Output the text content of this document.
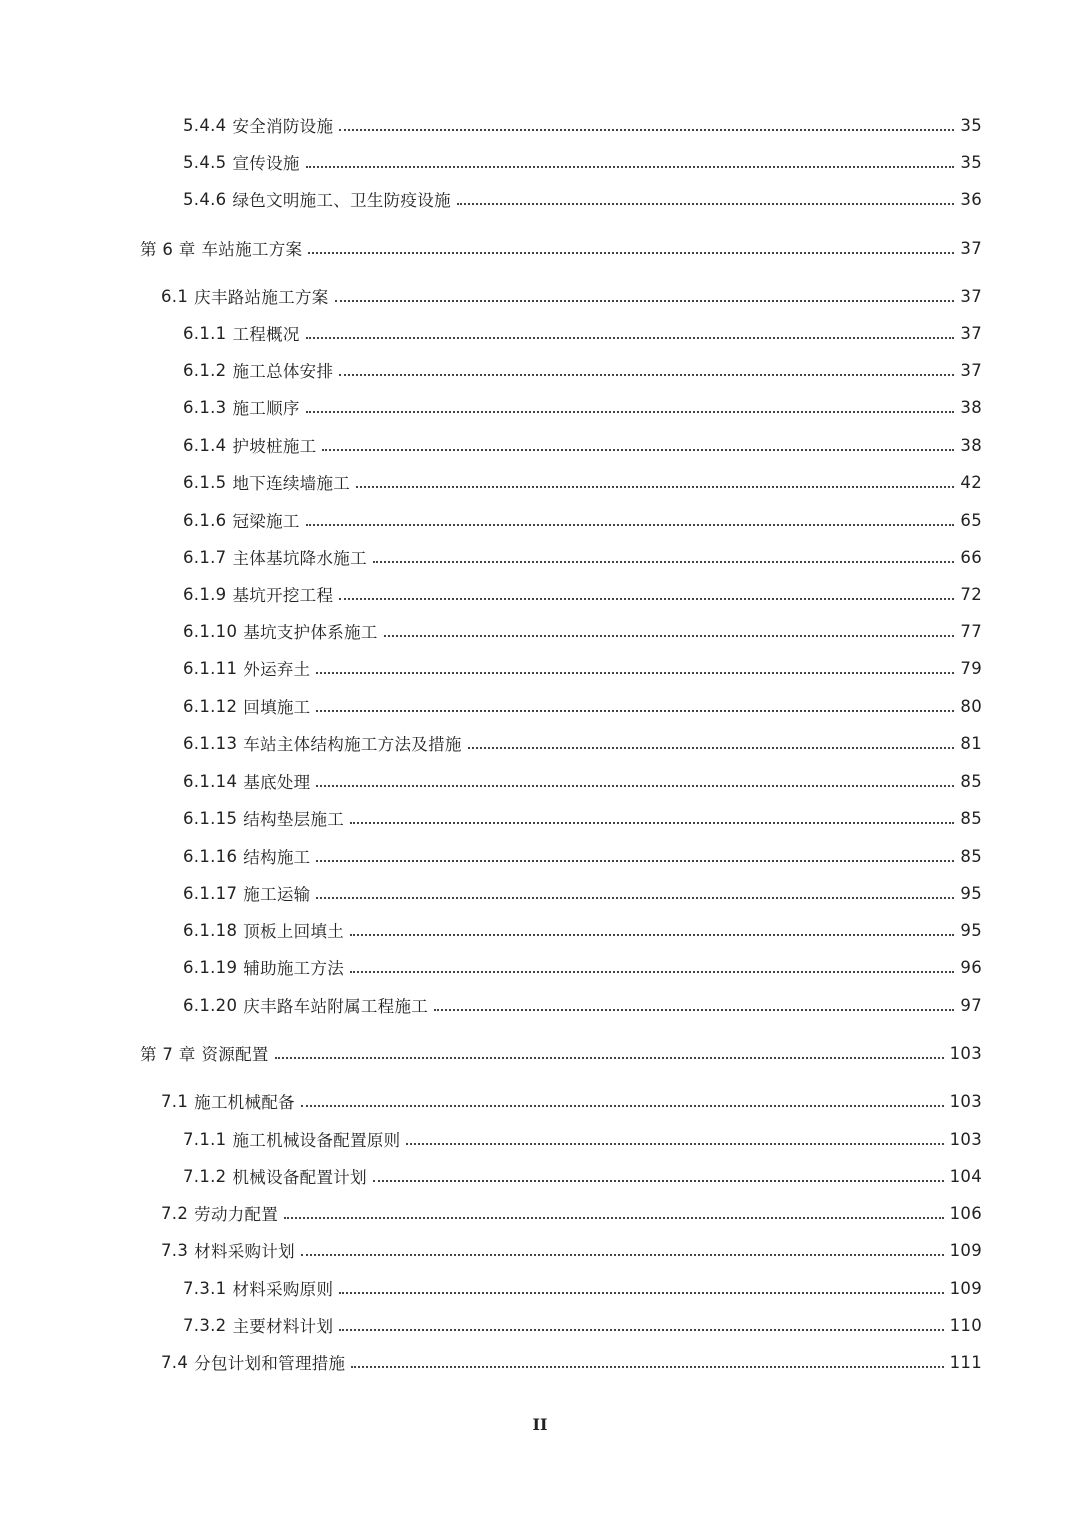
5.4.4 安全消防设施	35
5.4.5 宣传设施	35
5.4.6 绿色文明施工、卫生防疫设施	36
第 6 章 车站施工方案	37
6.1 庆丰路站施工方案	37
6.1.1 工程概况	37
6.1.2 施工总体安排	37
6.1.3 施工顺序	38
6.1.4 护坡桩施工	38
6.1.5 地下连续墙施工	42
6.1.6 冠梁施工	65
6.1.7 主体基坑降水施工	66
6.1.9 基坑开挖工程	72
6.1.10 基坑支护体系施工	77
6.1.11 外运弃土	79
6.1.12 回填施工	80
6.1.13 车站主体结构施工方法及措施	81
6.1.14 基底处理	85
6.1.15 结构垫层施工	85
6.1.16 结构施工	85
6.1.17 施工运输	95
6.1.18 顶板上回填土	95
6.1.19 辅助施工方法	96
6.1.20 庆丰路车站附属工程施工	97
第 7 章 资源配置	103
7.1 施工机械配备	103
7.1.1 施工机械设备配置原则	103
7.1.2 机械设备配置计划	104
7.2 劳动力配置	106
7.3 材料采购计划	109
7.3.1 材料采购原则	109
7.3.2 主要材料计划	110
7.4 分包计划和管理措施	111
II
